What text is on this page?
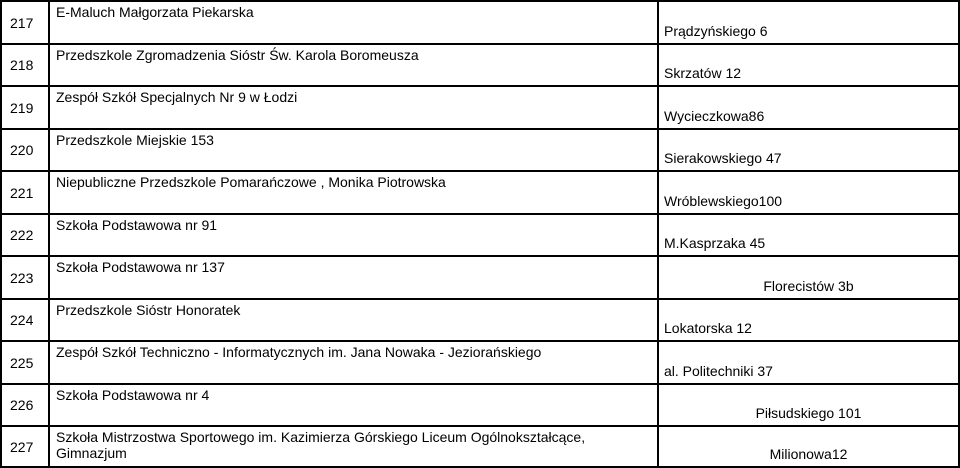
217
E-Maluch Małgorzata Piekarska
Prądzyńskiego 6
218
Przedszkole Zgromadzenia Sióstr Św. Karola Boromeusza
Skrzatów 12
219
Zespół Szkół Specjalnych Nr 9 w Łodzi
Wycieczkowa86
220
Przedszkole Miejskie 153
Sierakowskiego 47
221
Niepubliczne Przedszkole Pomarańczowe , Monika Piotrowska
Wróblewskiego100
222
Szkoła Podstawowa nr 91
M.Kasprzaka 45
223
Szkoła Podstawowa nr 137
Florecistów 3b
224
Przedszkole Sióstr Honoratek
Lokatorska 12
225
Zespół Szkół Techniczno - Informatycznych im. Jana Nowaka - Jeziorańskiego
al. Politechniki 37
226
Szkoła Podstawowa nr 4
Piłsudskiego 101
227
Szkoła Mistrzostwa Sportowego im. Kazimierza Górskiego Liceum Ogólnokształcące, Gimnazjum	Milionowa12
